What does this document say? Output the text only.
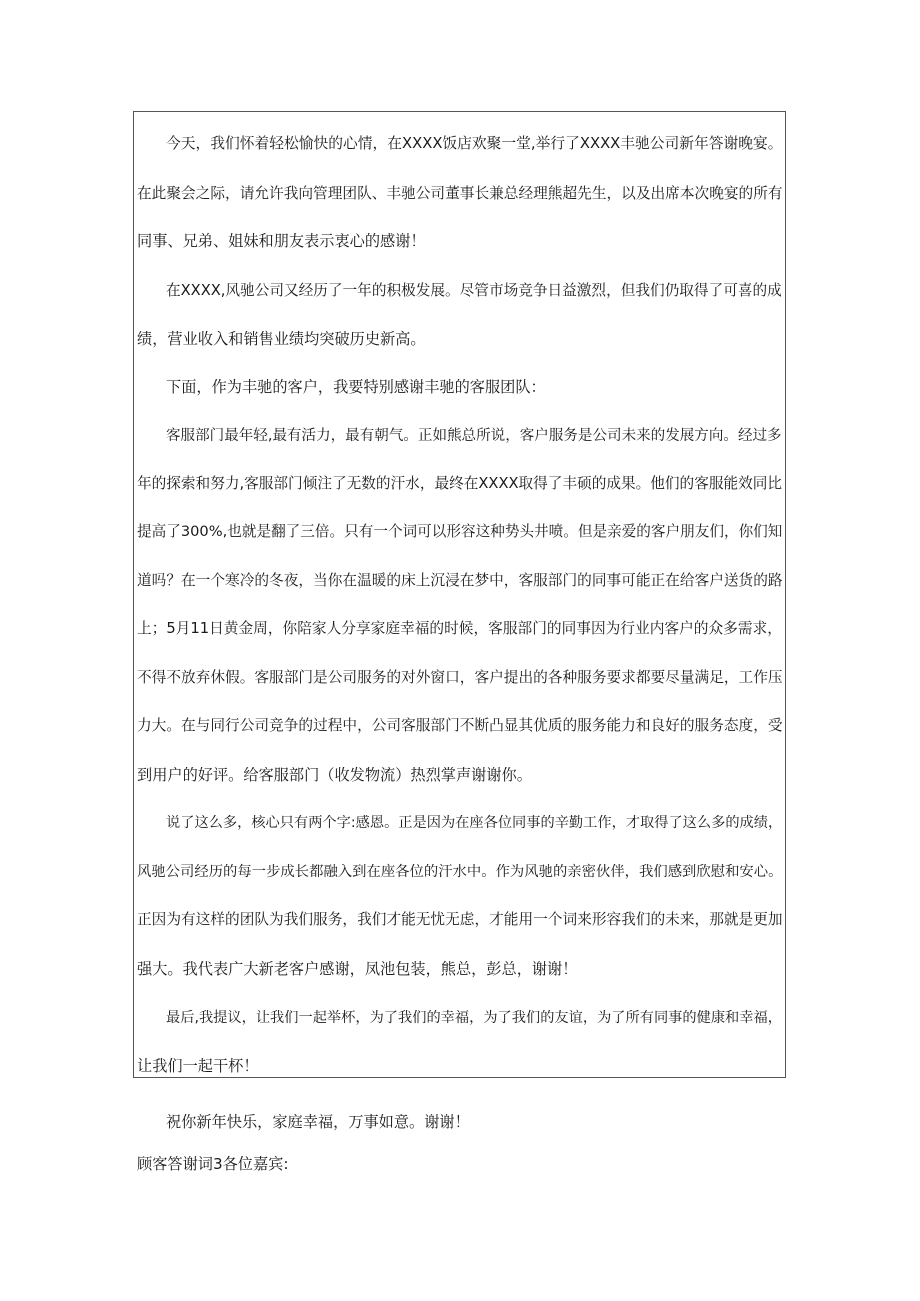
今天，我们怀着轻松愉快的心情，在XXXX饭店欢聚一堂,举行了XXXX丰驰公司新年答谢晚宴。
在此聚会之际，请允许我向管理团队、丰驰公司董事长兼总经理熊超先生，以及出席本次晚宴的所有
同事、兄弟、姐妹和朋友表示衷心的感谢！
在XXXX,风驰公司又经历了一年的积极发展。尽管市场竞争日益激烈，但我们仍取得了可喜的成
绩，营业收入和销售业绩均突破历史新高。
下面，作为丰驰的客户，我要特别感谢丰驰的客服团队：
客服部门最年轻,最有活力，最有朝气。正如熊总所说，客户服务是公司未来的发展方向。经过多
年的探索和努力,客服部门倾注了无数的汗水，最终在XXXX取得了丰硕的成果。他们的客服能效同比
提高了300%,也就是翻了三倍。只有一个词可以形容这种势头井喷。但是亲爱的客户朋友们，你们知
道吗？在一个寒冷的冬夜，当你在温暖的床上沉浸在梦中，客服部门的同事可能正在给客户送货的路
上；5月11日黄金周，你陪家人分享家庭幸福的时候，客服部门的同事因为行业内客户的众多需求，
不得不放弃休假。客服部门是公司服务的对外窗口，客户提出的各种服务要求都要尽量满足，工作压
力大。在与同行公司竞争的过程中，公司客服部门不断凸显其优质的服务能力和良好的服务态度，受
到用户的好评。给客服部门（收发物流）热烈掌声谢谢你。
说了这么多，核心只有两个字:感恩。正是因为在座各位同事的辛勤工作，才取得了这么多的成绩，
风驰公司经历的每一步成长都融入到在座各位的汗水中。作为风驰的亲密伙伴，我们感到欣慰和安心。
正因为有这样的团队为我们服务，我们才能无忧无虑，才能用一个词来形容我们的未来，那就是更加
强大。我代表广大新老客户感谢，凤池包装，熊总，彭总，谢谢！
最后,我提议，让我们一起举杯，为了我们的幸福，为了我们的友谊，为了所有同事的健康和幸福，
让我们一起干杯！
祝你新年快乐，家庭幸福，万事如意。谢谢！
顾客答谢词3各位嘉宾:
